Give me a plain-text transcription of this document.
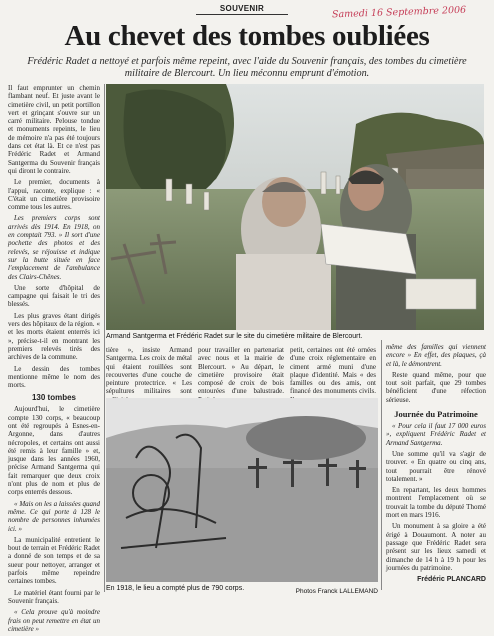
SOUVENIR	Samedi 16 Septembre 2006
Au chevet des tombes oubliées
Frédéric Radet a nettoyé et parfois même repeint, avec l'aide du Souvenir français, des tombes du cimetière militaire de Blercourt. Un lieu méconnu emprunt d'émotion.

Il faut emprunter un chemin flambant neuf. Et juste avant le cimetière civil, un petit portillon vert et grinçant s'ouvre sur un carré militaire. Pelouse tondue et monuments repeints, le lieu de mémoire n'a pas été toujours dans cet état là. Et ce n'est pas Frédéric Radet et Armand Santgerma du Souvenir français qui diront le contraire.

Le premier, documents à l'appui, raconte, explique : « C'était un cimetière provisoire comme tous les autres.

Les premiers corps sont arrivés dès 1914. En 1918, on en comptait 793. » Il sort d'une pochette des photos et des relevés, se réjouisse et indique sur la butte située en face l'emplacement de l'ambulance des Clairs-Chênes.

Une sorte d'hôpital de campagne qui faisait le tri des blessés.

Les plus graves étant dirigés vers des hôpitaux de la région. « et les morts étaient enterrés ici », précise-t-il en montrant les premiers relevés tirés des archives de la commune.

Le dessin des tombes mentionne même le nom des morts.

130 tombes

Aujourd'hui, le cimetière compte 130 corps, « beaucoup ont été regroupés à Esnes-en-Argonne, dans d'autres nécropoles, et certains ont aussi été remis à leur famille » et, jusque dans les années 1960, précise Armand Santgerma qui fait remarquer que deux croix n'ont plus de nom et plus de corps enterrés dessous.

« Mais on les a laissées quand même. Ce qui porte à 128 le nombre de personnes inhumées ici. »

La municipalité entretient le bout de terrain et Frédéric Radet a donné de son temps et de sa sueur pour nettoyer, arranger et parfois même repeindre certaines tombes.

Le matériel étant fourni par le Souvenir français.

« Cela prouve qu'à moindre frais on peut remettre en état un cimetière »

Armand Santgerma et Frédéric Radet sur le site du cimetière militaire de Blercourt.

tière », insiste Armand Santgerma. Les croix de métal qui étaient rouillées sont recouvertes d'une couche de peinture protectrice. « Les sépultures militaires sont

pour travailler en partenariat avec nous et la mairie de Blercourt. » Au départ, le cimetière provisoire était composé de croix de bois entourées d'une balustrade.

petit, certaines ont été ornées d'une croix réglementaire en ciment armé muni d'une plaque d'identité. Mais « des familles ou des amis, ont financé des monuments civils.

même des familles qui viennent encore » En effet, des plaques, çà et là, le démontrent.

Reste quand même, pour que tout soit parfait, que 29 tombes bénéficient d'une réfection sérieuse.

Journée du Patrimoine

« Pour cela il faut 17 000 euros », expliquent Frédéric Radet et Armand Santgerma.

Une somme qu'il va s'agir de trouver. « En quatre ou cinq ans, tout pourrait être rénové totalement. »

En repartant, les deux hommes montrent l'emplacement où se trouvait la tombe du député Thomé mort en mars 1916.

Un monument à sa gloire a été érigé à Douaumont. A noter au passage que Frédéric Radet sera présent sur les lieux samedi et dimanche de 14 h à 19 h pour les journées du patrimoine.

Frédéric PLANCARD
En 1918, le lieu a compté plus de 790 corps.	Photos Franck LALLEMAND
